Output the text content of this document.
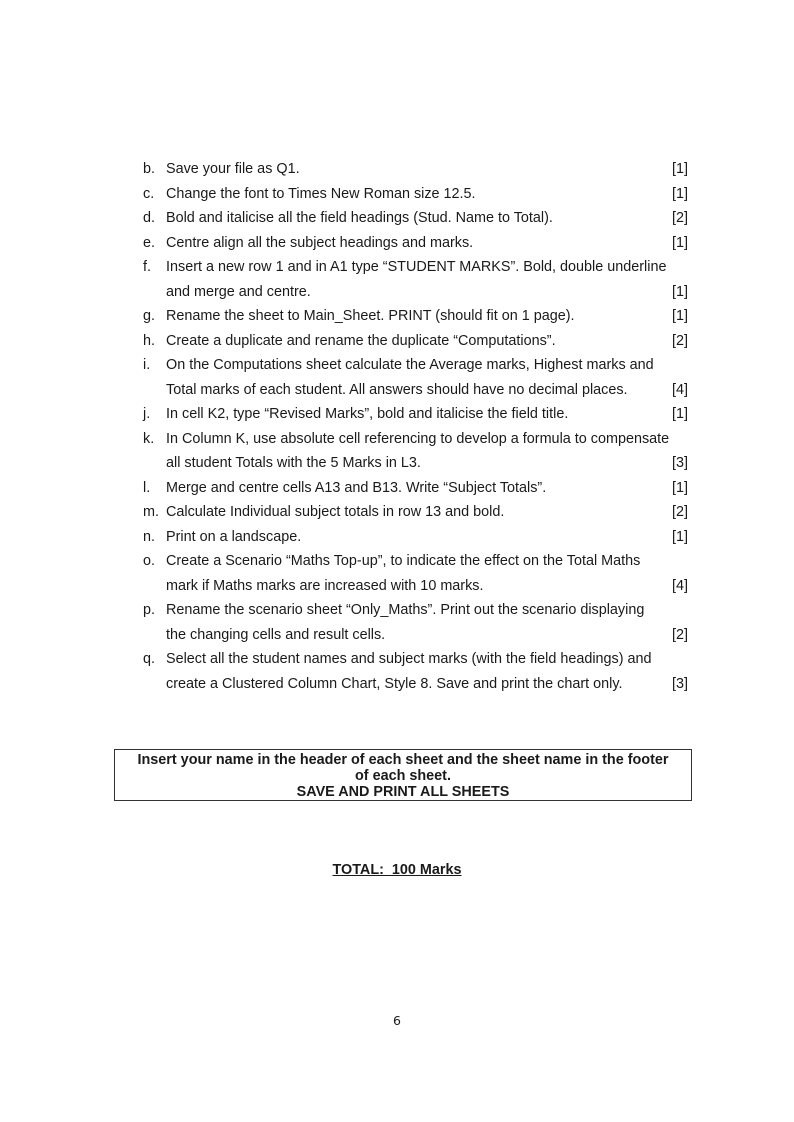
b. Save your file as Q1.	[1]
c. Change the font to Times New Roman size 12.5.	[1]
d. Bold and italicise all the field headings (Stud. Name to Total).	[2]
e. Centre align all the subject headings and marks.	[1]
f. Insert a new row 1 and in A1 type “STUDENT MARKS”. Bold, double underline
and merge and centre.	[1]
g. Rename the sheet to Main_Sheet. PRINT (should fit on 1 page).	[1]
h. Create a duplicate and rename the duplicate “Computations”.	[2]
i. On the Computations sheet calculate the Average marks, Highest marks and
Total marks of each student. All answers should have no decimal places.	[4]
j. In cell K2, type “Revised Marks”, bold and italicise the field title.	[1]
k. In Column K, use absolute cell referencing to develop a formula to compensate
all student Totals with the 5 Marks in L3.	[3]
l. Merge and centre cells A13 and B13. Write “Subject Totals”.	[1]
m. Calculate Individual subject totals in row 13 and bold.	[2]
n. Print on a landscape.	[1]
o. Create a Scenario “Maths Top-up”, to indicate the effect on the Total Maths
mark if Maths marks are increased with 10 marks.	[4]
p. Rename the scenario sheet “Only_Maths”. Print out the scenario displaying
the changing cells and result cells.	[2]
q. Select all the student names and subject marks (with the field headings) and
create a Clustered Column Chart, Style 8. Save and print the chart only.	[3]
Insert your name in the header of each sheet and the sheet name in the footer
of each sheet.
SAVE AND PRINT ALL SHEETS
TOTAL:  100 Marks
6
